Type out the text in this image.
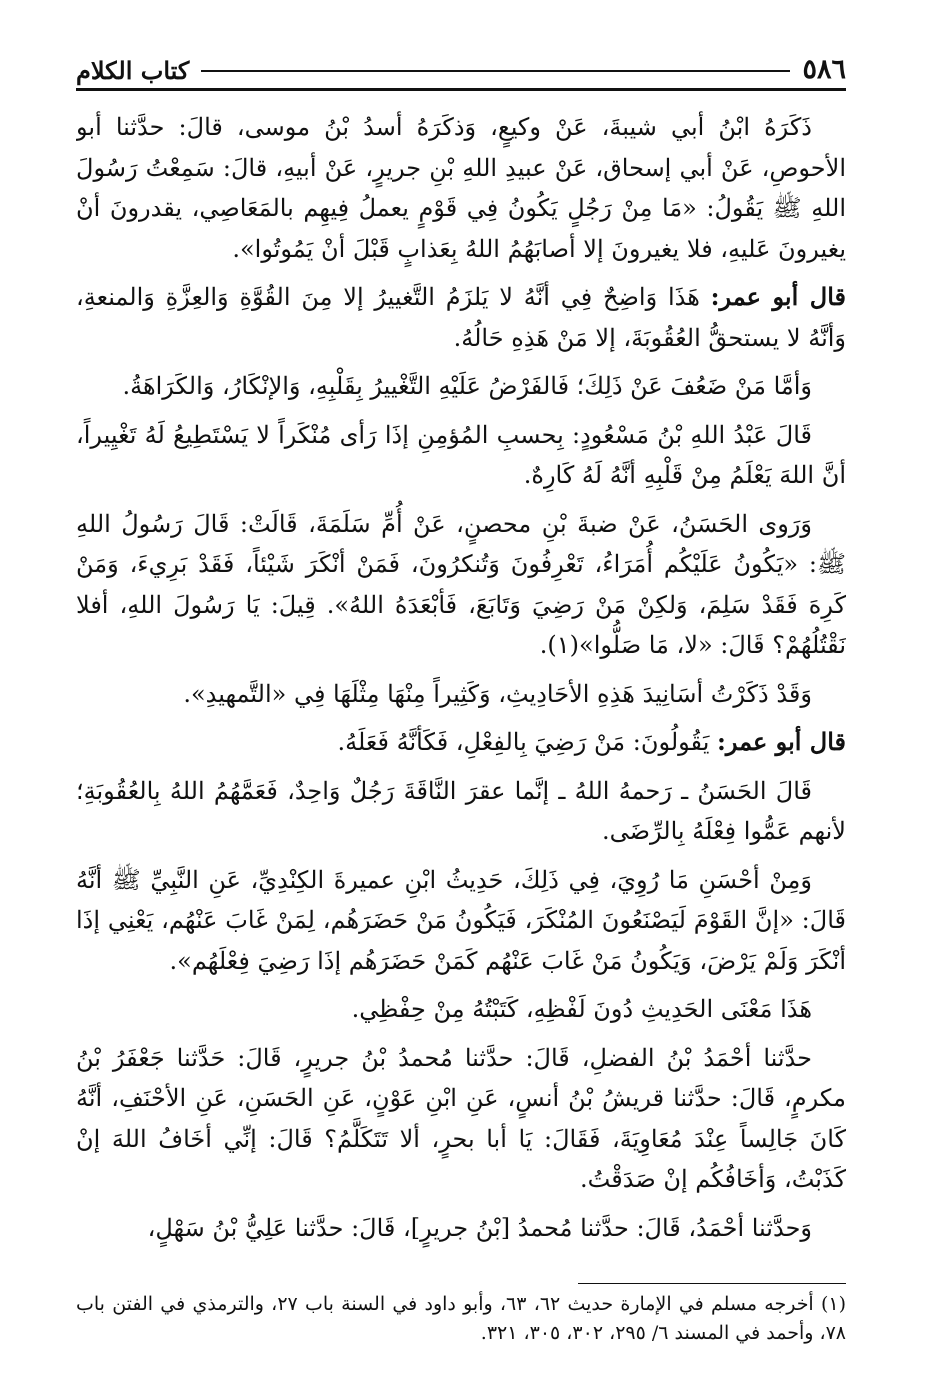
٥٨٦
كتاب الكلام

ذَكَرَهُ ابْنُ أبي شيبةَ، عَنْ وكيعٍ، وَذكَرَهُ أسدُ بْنُ موسى، قالَ: حدَّثنا أبو الأحوصِ، عَنْ أبي إسحاق، عَنْ عبيدِ اللهِ بْنِ جريرٍ، عَنْ أبيهِ، قالَ: سَمِعْتُ رَسُولَ اللهِ ﷺ يَقُولُ: «مَا مِنْ رَجُلٍ يَكُونُ فِي قَوْمٍ يعملُ فِيهِم بالمَعَاصِي، يقدرونَ أنْ يغيرونَ عَليهِ، فلا يغيرونَ إلا أصابَهُمُ اللهُ بِعَذابٍ قَبْلَ أنْ يَمُوتُوا».

قال أبو عمر: هَذَا وَاضِحٌ فِي أنَّهُ لا يَلزَمُ التَّغييرُ إلا مِنَ القُوَّةِ وَالعِزَّةِ وَالمنعةِ، وَأنَّهُ لا يستحقُّ العُقُوبَةَ، إلا مَنْ هَذِهِ حَالُهُ.

وَأمَّا مَنْ ضَعُفَ عَنْ ذَلِكَ؛ فَالفَرْضُ عَلَيْهِ التَّغْييرُ بِقَلْبِهِ، وَالإنْكَارُ، وَالكَرَاهَةُ.

قَالَ عَبْدُ اللهِ بْنُ مَسْعُودٍ: بِحسبِ المُؤمِنِ إذَا رَأى مُنْكَراً لا يَسْتَطِيعُ لَهُ تَغْيِيراً، أنَّ اللهَ يَعْلَمُ مِنْ قَلْبِهِ أنَّهُ لَهُ كَارِهٌ.

وَرَوى الحَسَنُ، عَنْ ضبةَ بْنِ محصنٍ، عَنْ أُمِّ سَلَمَةَ، قَالَتْ: قَالَ رَسُولُ اللهِ ﷺ: «يَكُونُ عَلَيْكُم أُمَرَاءُ، تَعْرِفُونَ وَتُنكرُونَ، فَمَنْ أنْكَرَ شَيْئاً، فَقَدْ بَرِيءَ، وَمَنْ كَرِهَ فَقَدْ سَلِمَ، وَلكِنْ مَنْ رَضِيَ وَتَابَعَ، فَأبْعَدَهُ اللهُ». قِيلَ: يَا رَسُولَ اللهِ، أفلا نَقْتُلُهُمْ؟ قَالَ: «لا، مَا صَلُّوا»(١).

وَقَدْ ذَكَرْتُ أسَانِيدَ هَذِهِ الأحَادِيثِ، وَكَثِيراً مِنْهَا مِثْلَهَا فِي «التَّمهيدِ».

قال أبو عمر: يَقُولُونَ: مَنْ رَضِيَ بِالفِعْلِ، فَكَأنَّهُ فَعَلَهُ.

قَالَ الحَسَنُ ـ رَحمهُ اللهُ ـ إنَّما عقرَ النَّاقَةَ رَجُلٌ وَاحِدٌ، فَعَمَّهُمُ اللهُ بِالعُقُوبَةِ؛ لأنهم عَمُّوا فِعْلَهُ بِالرِّضَى.

وَمِنْ أحْسَنِ مَا رُوِيَ، فِي ذَلِكَ، حَدِيثُ ابْنِ عميرةَ الكِنْدِيِّ، عَنِ النَّبِيِّ ﷺ أنَّهُ قَالَ: «إنَّ القَوْمَ لَيَصْنَعُونَ المُنْكَرَ، فَيَكُونُ مَنْ حَضَرَهُم، لِمَنْ غَابَ عَنْهُم، يَعْنِي إذَا أنْكَرَ وَلَمْ يَرْضَ، وَيَكُونُ مَنْ غَابَ عَنْهُم كَمَنْ حَضَرَهُم إذَا رَضِيَ فِعْلَهُم».

هَذَا مَعْنَى الحَدِيثِ دُونَ لَفْظِهِ، كَتَبْتُهُ مِنْ حِفْظِي.

حدَّثنا أحْمَدُ بْنُ الفضلِ، قَالَ: حدَّثنا مُحمدُ بْنُ جريرٍ، قَالَ: حَدَّثنا جَعْفَرُ بْنُ مكرمٍ، قَالَ: حدَّثنا قريشُ بْنُ أنسٍ، عَنِ ابْنِ عَوْنٍ، عَنِ الحَسَنِ، عَنِ الأحْنَفِ، أنَّهُ كَانَ جَالِساً عِنْدَ مُعَاوِيَةَ، فَقَالَ: يَا أبا بحرٍ، ألا تَتَكَلَّمُ؟ قَالَ: إنِّي أخَافُ اللهَ إنْ كَذَبْتُ، وَأخَافُكُم إنْ صَدَقْتُ.

وَحدَّثنا أحْمَدُ، قَالَ: حدَّثنا مُحمدُ [بْنُ جريرٍ]، قَالَ: حدَّثنا عَلِيُّ بْنُ سَهْلٍ،

(١) أخرجه مسلم في الإمارة حديث ٦٢، ٦٣، وأبو داود في السنة باب ٢٧، والترمذي في الفتن باب ٧٨، وأحمد في المسند ٦/ ٢٩٥، ٣٠٢، ٣٠٥، ٣٢١.
